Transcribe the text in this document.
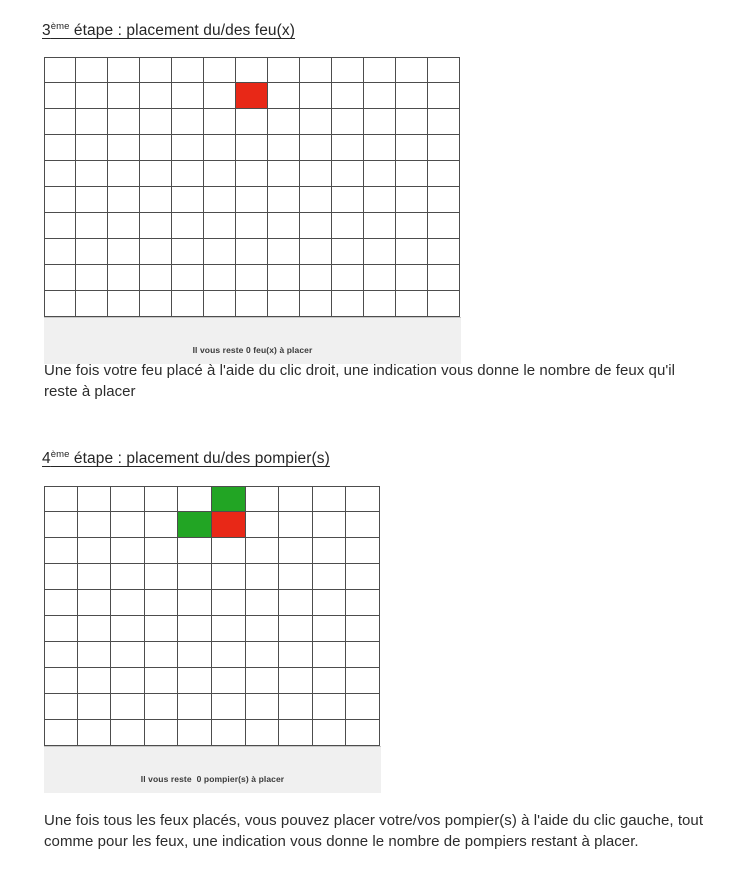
3ème étape : placement du/des feu(x)
Il vous reste 0 feu(x) à placer
Une fois votre feu placé à l'aide du clic droit, une indication vous donne le nombre de feux qu'il reste à placer
4ème étape : placement du/des pompier(s)
Il vous reste  0 pompier(s) à placer
Une fois tous les feux placés, vous pouvez placer votre/vos pompier(s) à l'aide du clic gauche, tout comme pour les feux, une indication vous donne le nombre de pompiers restant à placer.
